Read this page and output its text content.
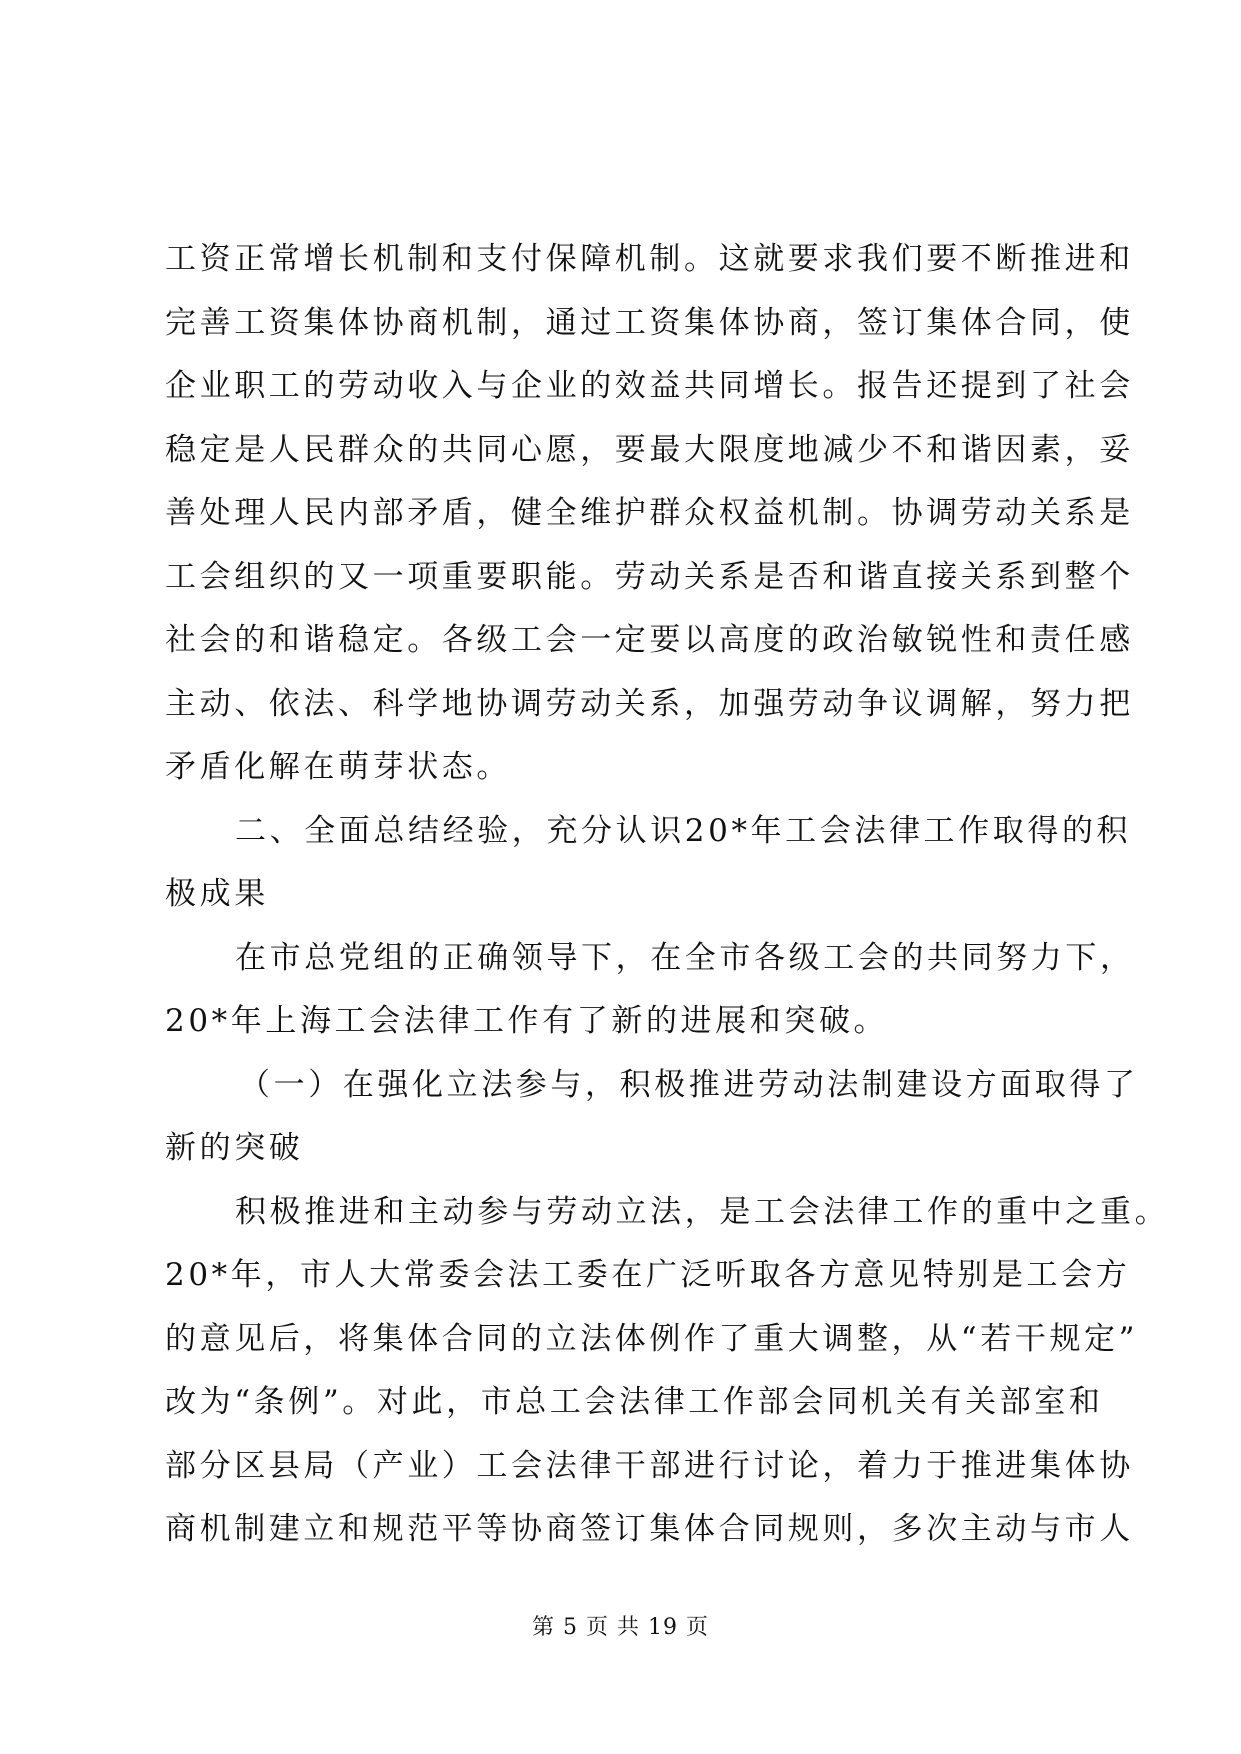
工资正常增长机制和支付保障机制。这就要求我们要不断推进和
完善工资集体协商机制，通过工资集体协商，签订集体合同，使
企业职工的劳动收入与企业的效益共同增长。报告还提到了社会
稳定是人民群众的共同心愿，要最大限度地减少不和谐因素，妥
善处理人民内部矛盾，健全维护群众权益机制。协调劳动关系是
工会组织的又一项重要职能。劳动关系是否和谐直接关系到整个
社会的和谐稳定。各级工会一定要以高度的政治敏锐性和责任感
主动、依法、科学地协调劳动关系，加强劳动争议调解，努力把
矛盾化解在萌芽状态。
二、全面总结经验，充分认识20*年工会法律工作取得的积
极成果
在市总党组的正确领导下，在全市各级工会的共同努力下，
20*年上海工会法律工作有了新的进展和突破。
（一）在强化立法参与，积极推进劳动法制建设方面取得了
新的突破
积极推进和主动参与劳动立法，是工会法律工作的重中之重。
20*年，市人大常委会法工委在广泛听取各方意见特别是工会方
的意见后，将集体合同的立法体例作了重大调整，从“若干规定”
改为“条例”。对此，市总工会法律工作部会同机关有关部室和
部分区县局（产业）工会法律干部进行讨论，着力于推进集体协
商机制建立和规范平等协商签订集体合同规则，多次主动与市人
第 5 页 共 19 页
